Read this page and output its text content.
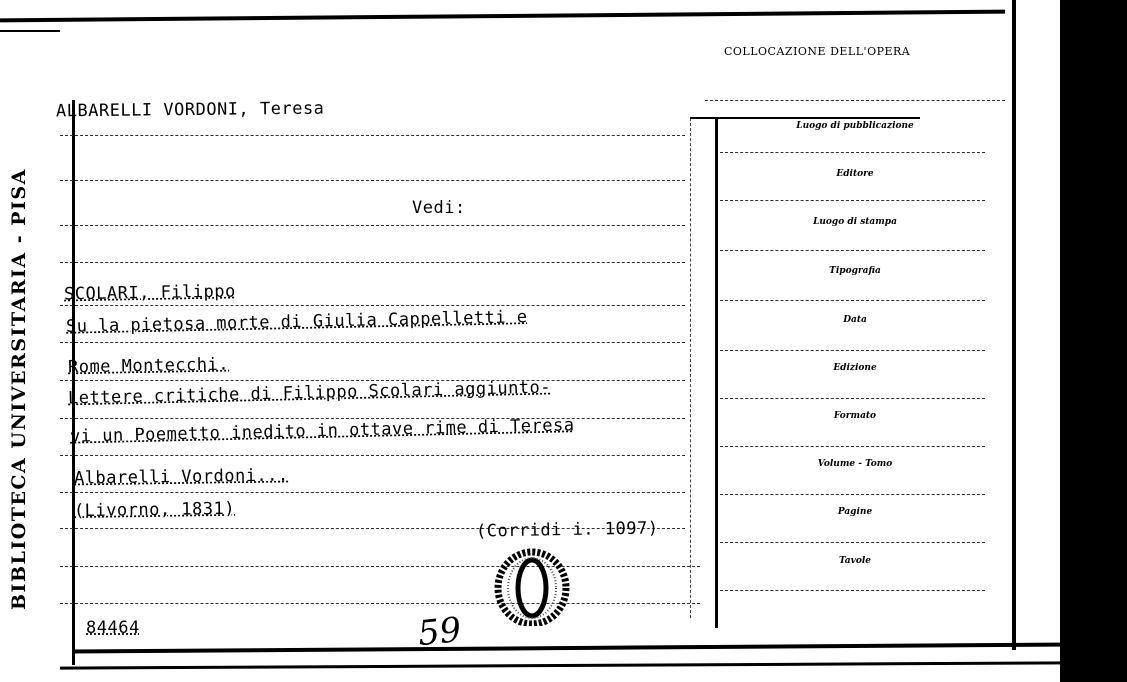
BIBLIOTECA UNIVERSITARIA - PISA
COLLOCAZIONE DELL'OPERA
ALBARELLI VORDONI, Teresa
Vedi:
SCOLARI, Filippo
Su la pietosa morte di Giulia Cappelletti e
Rome Montecchi.
Lettere critiche di Filippo Scolari aggiunto-
vi un Poemetto inedito in ottave rime di Teresa
Albarelli Vordoni...
(Livorno, 1831)
(Corridi i. 1097)
84464	59
Luogo di pubblicazione
Editore
Luogo di stampa
Tipografia
Data
Edizione
Formato
Volume - Tomo
Pagine
Tavole
